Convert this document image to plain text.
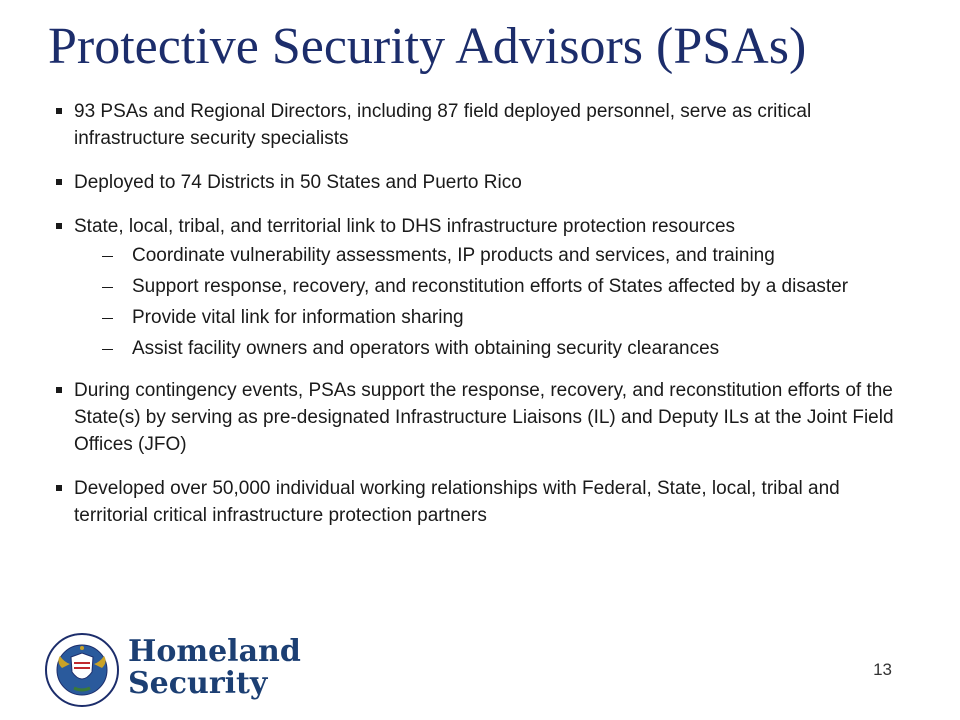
Protective Security Advisors (PSAs)
93 PSAs and Regional Directors, including 87 field deployed personnel, serve as critical infrastructure security specialists
Deployed to 74 Districts in 50 States and Puerto Rico
State, local, tribal, and territorial link to DHS infrastructure protection resources
Coordinate vulnerability assessments, IP products and services, and training
Support response, recovery, and reconstitution efforts of States affected by a disaster
Provide vital link for information sharing
Assist facility owners and operators with obtaining security clearances
During contingency events, PSAs support the response, recovery, and reconstitution efforts of the State(s) by serving as pre-designated Infrastructure Liaisons (IL) and Deputy ILs at the Joint Field Offices (JFO)
Developed over 50,000 individual working relationships with Federal, State, local, tribal and territorial critical infrastructure protection partners
Homeland
Security	13
